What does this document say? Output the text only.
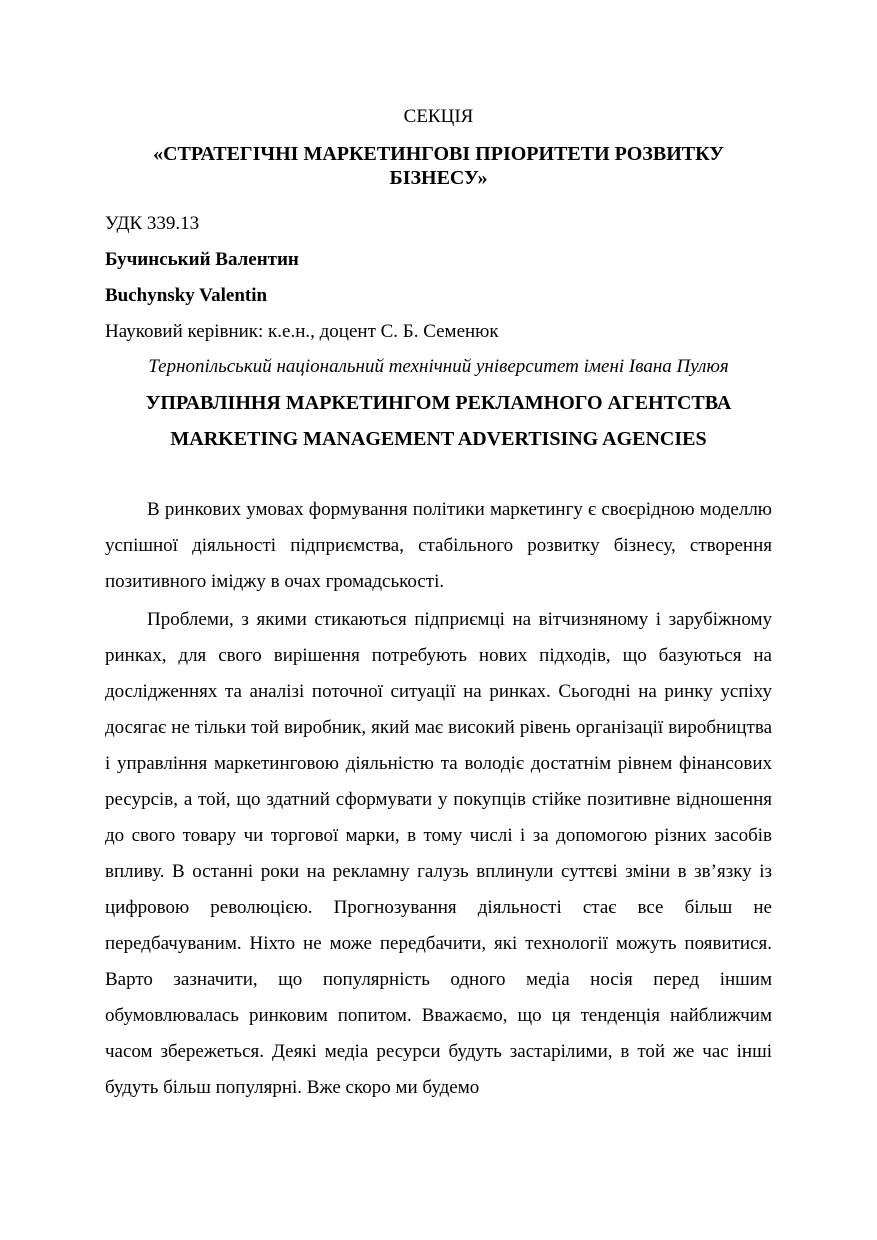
СЕКЦІЯ
«СТРАТЕГІЧНІ МАРКЕТИНГОВІ ПРІОРИТЕТИ РОЗВИТКУ
БІЗНЕСУ»
УДК 339.13
Бучинський Валентин
Buchynsky Valentin
Науковий керівник: к.е.н., доцент С. Б. Семенюк
Тернопільський національний технічний університет імені Івана Пулюя
УПРАВЛІННЯ МАРКЕТИНГОМ РЕКЛАМНОГО АГЕНТСТВА
MARKETING MANAGEMENT ADVERTISING AGENCIES

В ринкових умовах формування політики маркетингу є своєрідною моделлю успішної діяльності підприємства, стабільного розвитку бізнесу, створення позитивного іміджу в очах громадськості.

Проблеми, з якими стикаються підприємці на вітчизняному і зарубіжному ринках, для свого вирішення потребують нових підходів, що базуються на дослідженнях та аналізі поточної ситуації на ринках. Сьогодні на ринку успіху досягає не тільки той виробник, який має високий рівень організації виробництва і управління маркетинговою діяльністю та володіє достатнім рівнем фінансових ресурсів, а той, що здатний сформувати у покупців стійке позитивне відношення до свого товару чи торгової марки, в тому числі і за допомогою різних засобів впливу. В останні роки на рекламну галузь вплинули суттєві зміни в зв’язку із цифровою революцією. Прогнозування діяльності стає все більш не передбачуваним. Ніхто не може передбачити, які технології можуть появитися. Варто зазначити, що популярність одного медіа носія перед іншим обумовлювалась ринковим попитом. Вважаємо, що ця тенденція найближчим часом збережеться. Деякі медіа ресурси будуть застарілими, в той же час інші будуть більш популярні. Вже скоро ми будемо
